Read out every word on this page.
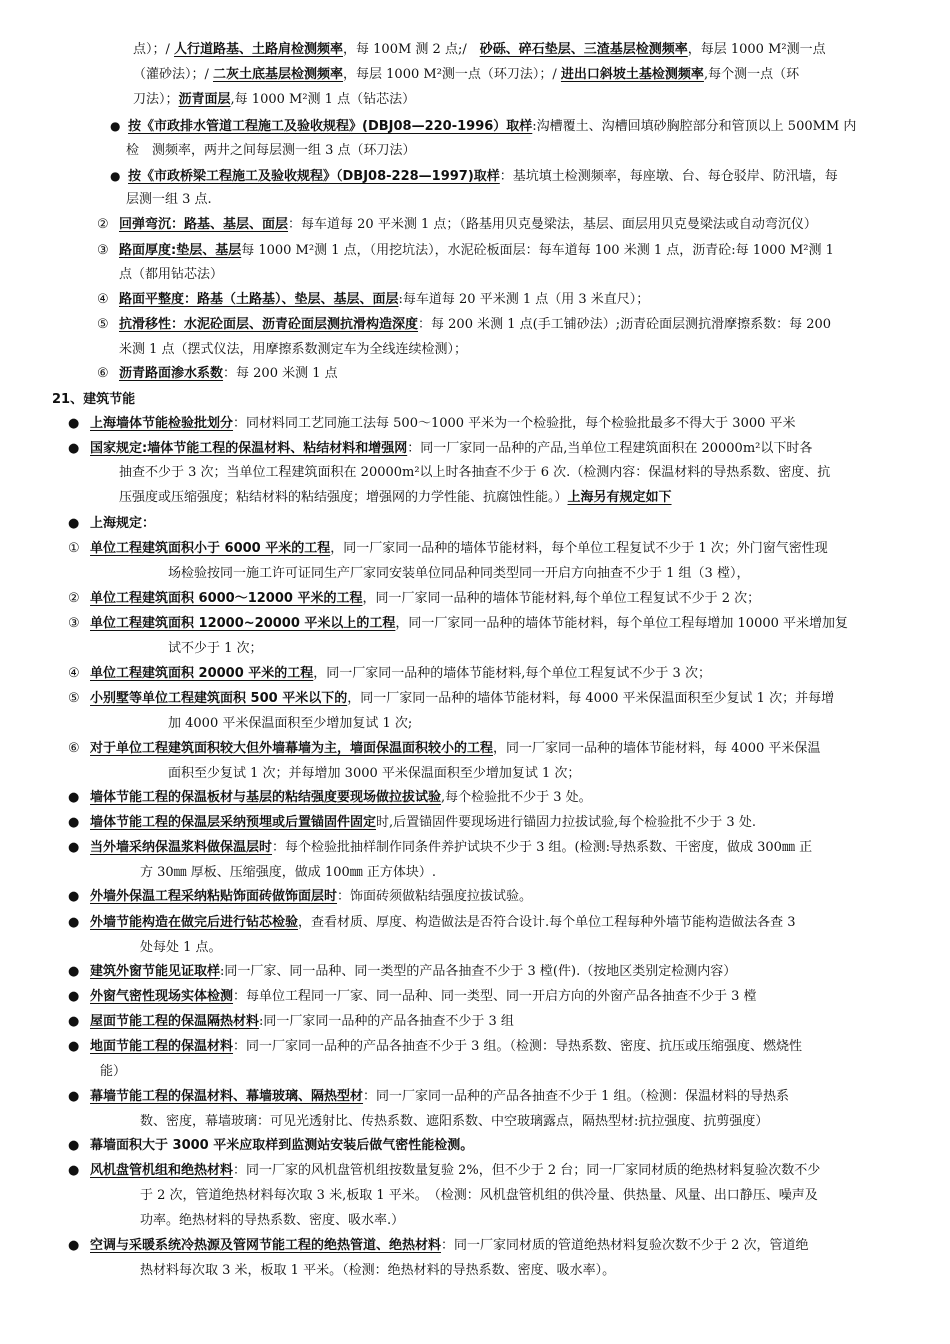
点）；/ 人行道路基、土路肩检测频率，每 100M 测 2 点;/　砂砾、碎石垫层、三渣基层检测频率，每层 1000 M²测一点
（灌砂法）；/ 二灰土底基层检测频率，每层 1000 M²测一点（环刀法）；/ 进出口斜坡土基检测频率,每个测一点（环
刀法）；沥青面层,每 1000 M²测 1 点（钻芯法）
● 按《市政排水管道工程施工及验收规程》(DBJ08—220-1996）取样:沟槽覆土、沟槽回填砂胸腔部分和管顶以上 500MM 内
检　测频率，两井之间每层测一组 3 点（环刀法）
● 按《市政桥梁工程施工及验收规程》（DBJ08-228—1997)取样：基坑填土检测频率，每座墩、台、每仓驳岸、防汛墙，每
层测一组 3 点.
② 回弹弯沉：路基、基层、面层：每车道每 20 平米测 1 点；（路基用贝克曼梁法，基层、面层用贝克曼梁法或自动弯沉仪）
③ 路面厚度:垫层、基层每 1000 M²测 1 点，（用挖坑法），水泥砼板面层：每车道每 100 米测 1 点，沥青砼:每 1000 M²测 1
点（都用钻芯法）
④ 路面平整度：路基（土路基）、垫层、基层、面层:每车道每 20 平米测 1 点（用 3 米直尺）；
⑤ 抗滑移性：水泥砼面层、沥青砼面层测抗滑构造深度：每 200 米测 1 点(手工铺砂法）;沥青砼面层测抗滑摩擦系数：每 200
米测 1 点（摆式仪法，用摩擦系数测定车为全线连续检测）；
⑥ 沥青路面渗水系数：每 200 米测 1 点
21、建筑节能
● 上海墙体节能检验批划分：同材料同工艺同施工法每 500～1000 平米为一个检验批，每个检验批最多不得大于 3000 平米
● 国家规定:墙体节能工程的保温材料、粘结材料和增强网：同一厂家同一品种的产品,当单位工程建筑面积在 20000m²以下时各
抽查不少于 3 次；当单位工程建筑面积在 20000m²以上时各抽查不少于 6 次.（检测内容：保温材料的导热系数、密度、抗
压强度或压缩强度；粘结材料的粘结强度；增强网的力学性能、抗腐蚀性能。）上海另有规定如下
● 上海规定：
① 单位工程建筑面积小于 6000 平米的工程，同一厂家同一品种的墙体节能材料，每个单位工程复试不少于 1 次；外门窗气密性现
场检验按同一施工许可证同生产厂家同安装单位同品种同类型同一开启方向抽查不少于 1 组（3 樘），
② 单位工程建筑面积 6000～12000 平米的工程，同一厂家同一品种的墙体节能材料,每个单位工程复试不少于 2 次；
③ 单位工程建筑面积 12000~20000 平米以上的工程，同一厂家同一品种的墙体节能材料，每个单位工程每增加 10000 平米增加复
试不少于 1 次；
④ 单位工程建筑面积 20000 平米的工程，同一厂家同一品种的墙体节能材料,每个单位工程复试不少于 3 次；
⑤ 小别墅等单位工程建筑面积 500 平米以下的，同一厂家同一品种的墙体节能材料，每 4000 平米保温面积至少复试 1 次；并每增
加 4000 平米保温面积至少增加复试 1 次;
⑥ 对于单位工程建筑面积较大但外墙幕墙为主，墙面保温面积较小的工程，同一厂家同一品种的墙体节能材料，每 4000 平米保温
面积至少复试 1 次；并每增加 3000 平米保温面积至少增加复试 1 次；
● 墙体节能工程的保温板材与基层的粘结强度要现场做拉拔试验,每个检验批不少于 3 处。
● 墙体节能工程的保温层采纳预埋或后置锚固件固定时,后置锚固件要现场进行锚固力拉拔试验,每个检验批不少于 3 处.
● 当外墙采纳保温浆料做保温层时：每个检验批抽样制作同条件养护试块不少于 3 组。(检测:导热系数、干密度，做成 300㎜ 正
方 30㎜ 厚板、压缩强度，做成 100㎜ 正方体块）.
● 外墙外保温工程采纳粘贴饰面砖做饰面层时：饰面砖须做粘结强度拉拔试验。
● 外墙节能构造在做完后进行钻芯检验，查看材质、厚度、构造做法是否符合设计.每个单位工程每种外墙节能构造做法各查 3
处每处 1 点。
● 建筑外窗节能见证取样:同一厂家、同一品种、同一类型的产品各抽查不少于 3 樘(件).（按地区类别定检测内容）
● 外窗气密性现场实体检测：每单位工程同一厂家、同一品种、同一类型、同一开启方向的外窗产品各抽查不少于 3 樘
● 屋面节能工程的保温隔热材料:同一厂家同一品种的产品各抽查不少于 3 组
● 地面节能工程的保温材料：同一厂家同一品种的产品各抽查不少于 3 组。（检测：导热系数、密度、抗压或压缩强度、燃烧性
能）
● 幕墙节能工程的保温材料、幕墙玻璃、隔热型材：同一厂家同一品种的产品各抽查不少于 1 组。（检测：保温材料的导热系
数、密度，幕墙玻璃：可见光透射比、传热系数、遮阳系数、中空玻璃露点，隔热型材:抗拉强度、抗剪强度）
● 幕墙面积大于 3000 平米应取样到监测站安装后做气密性能检测。
● 风机盘管机组和绝热材料：同一厂家的风机盘管机组按数量复验 2%，但不少于 2 台；同一厂家同材质的绝热材料复验次数不少
于 2 次，管道绝热材料每次取 3 米,板取 1 平米。　（检测：风机盘管机组的供冷量、供热量、风量、出口静压、噪声及
功率。绝热材料的导热系数、密度、吸水率.）
● 空调与采暖系统冷热源及管网节能工程的绝热管道、绝热材料：同一厂家同材质的管道绝热材料复验次数不少于 2 次，管道绝
热材料每次取 3 米，板取 1 平米。（检测：绝热材料的导热系数、密度、吸水率）。
